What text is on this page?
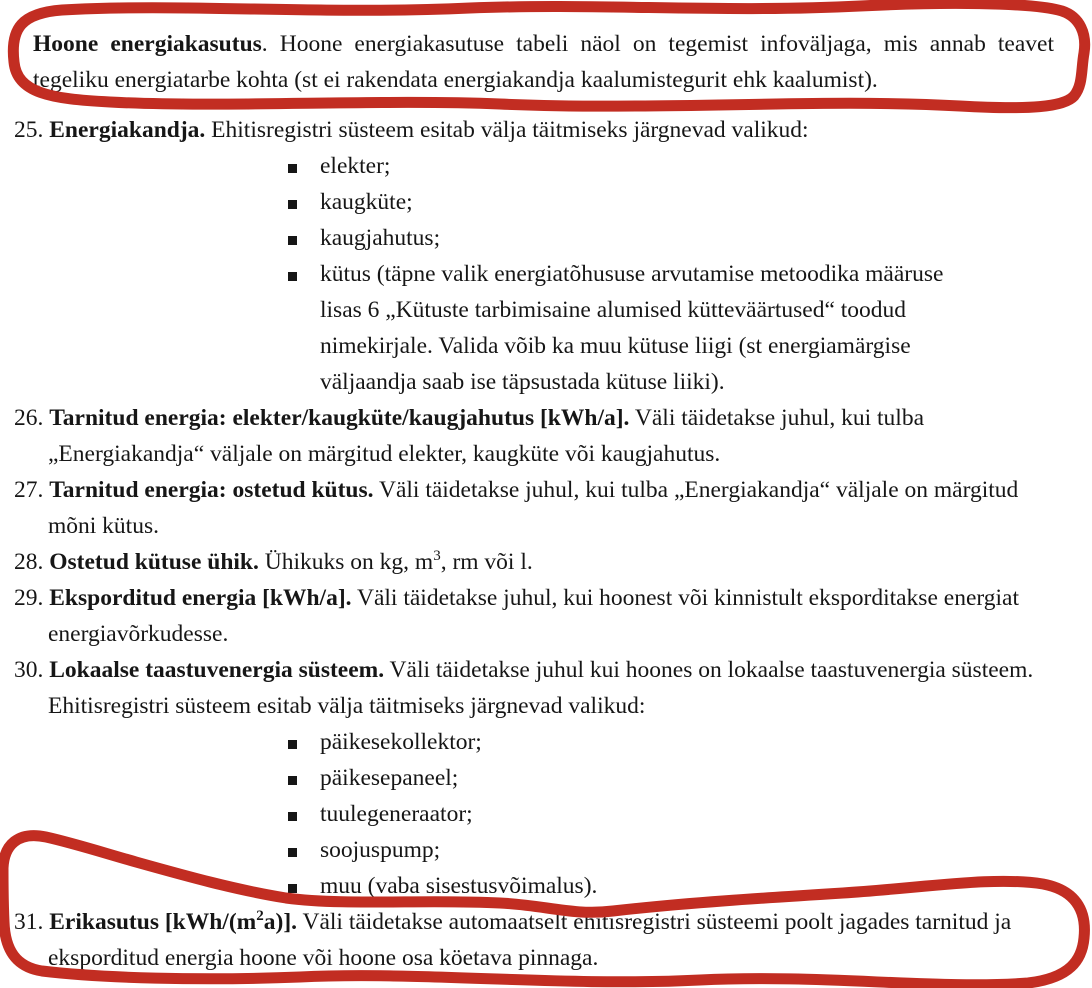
Hoone energiakasutus. Hoone energiakasutuse tabeli näol on tegemist infoväljaga, mis annab teavet tegeliku energiatarbe kohta (st ei rakendata energiakandja kaalumistegurit ehk kaalumist).

25. Energiakandja. Ehitisregistri süsteem esitab välja täitmiseks järgnevad valikud:
elekter;
kaugküte;
kaugjahutus;
kütus (täpne valik energiatõhususe arvutamise metoodika määruse lisas 6 „Kütuste tarbimisaine alumised kütteväärtused“ toodud nimekirjale. Valida võib ka muu kütuse liigi (st energiamärgise väljaandja saab ise täpsustada kütuse liiki).
26. Tarnitud energia: elekter/kaugküte/kaugjahutus [kWh/a]. Väli täidetakse juhul, kui tulba „Energiakandja“ väljale on märgitud elekter, kaugküte või kaugjahutus.
27. Tarnitud energia: ostetud kütus. Väli täidetakse juhul, kui tulba „Energiakandja“ väljale on märgitud mõni kütus.
28. Ostetud kütuse ühik. Ühikuks on kg, $m^3$, rm või l.
29. Eksporditud energia [kWh/a]. Väli täidetakse juhul, kui hoonest või kinnistult eksporditakse energiat energiavõrkudesse.
30. Lokaalse taastuvenergia süsteem. Väli täidetakse juhul kui hoones on lokaalse taastuvenergia süsteem. Ehitisregistri süsteem esitab välja täitmiseks järgnevad valikud:
päikesekollektor;
päikesepaneel;
tuulegeneraator;
soojuspump;
muu (vaba sisestusvõimalus).
31. Erikasutus $[kWh/(m^2a)]$. Väli täidetakse automaatselt ehitisregistri süsteemi poolt jagades tarnitud ja eksporditud energia hoone või hoone osa köetava pinnaga.
